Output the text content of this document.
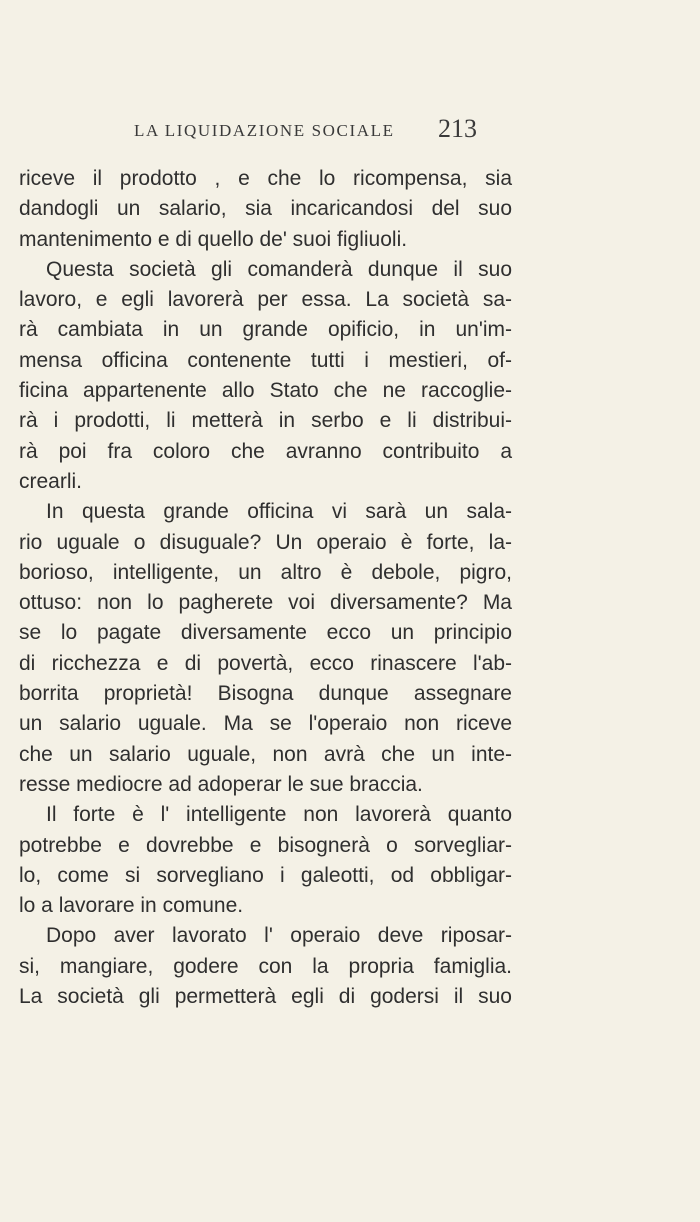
LA LIQUIDAZIONE SOCIALE 213
riceve il prodotto , e che lo ricompensa, sia
dandogli un salario, sia incaricandosi del suo
mantenimento e di quello de' suoi figliuoli.
Questa società gli comanderà dunque il suo
lavoro, e egli lavorerà per essa. La società sa-
rà cambiata in un grande opificio, in un'im-
mensa officina contenente tutti i mestieri, of-
ficina appartenente allo Stato che ne raccoglie-
rà i prodotti, li metterà in serbo e li distribui-
rà poi fra coloro che avranno contribuito a
crearli.
In questa grande officina vi sarà un sala-
rio uguale o disuguale? Un operaio è forte, la-
borioso, intelligente, un altro è debole, pigro,
ottuso: non lo pagherete voi diversamente? Ma
se lo pagate diversamente ecco un principio
di ricchezza e di povertà, ecco rinascere l'ab-
borrita proprietà! Bisogna dunque assegnare
un salario uguale. Ma se l'operaio non riceve
che un salario uguale, non avrà che un inte-
resse mediocre ad adoperar le sue braccia.
Il forte è l' intelligente non lavorerà quanto
potrebbe e dovrebbe e bisognerà o sorvegliar-
lo, come si sorvegliano i galeotti, od obbligar-
lo a lavorare in comune.
Dopo aver lavorato l' operaio deve riposar-
si, mangiare, godere con la propria famiglia.
La società gli permetterà egli di godersi il suo
